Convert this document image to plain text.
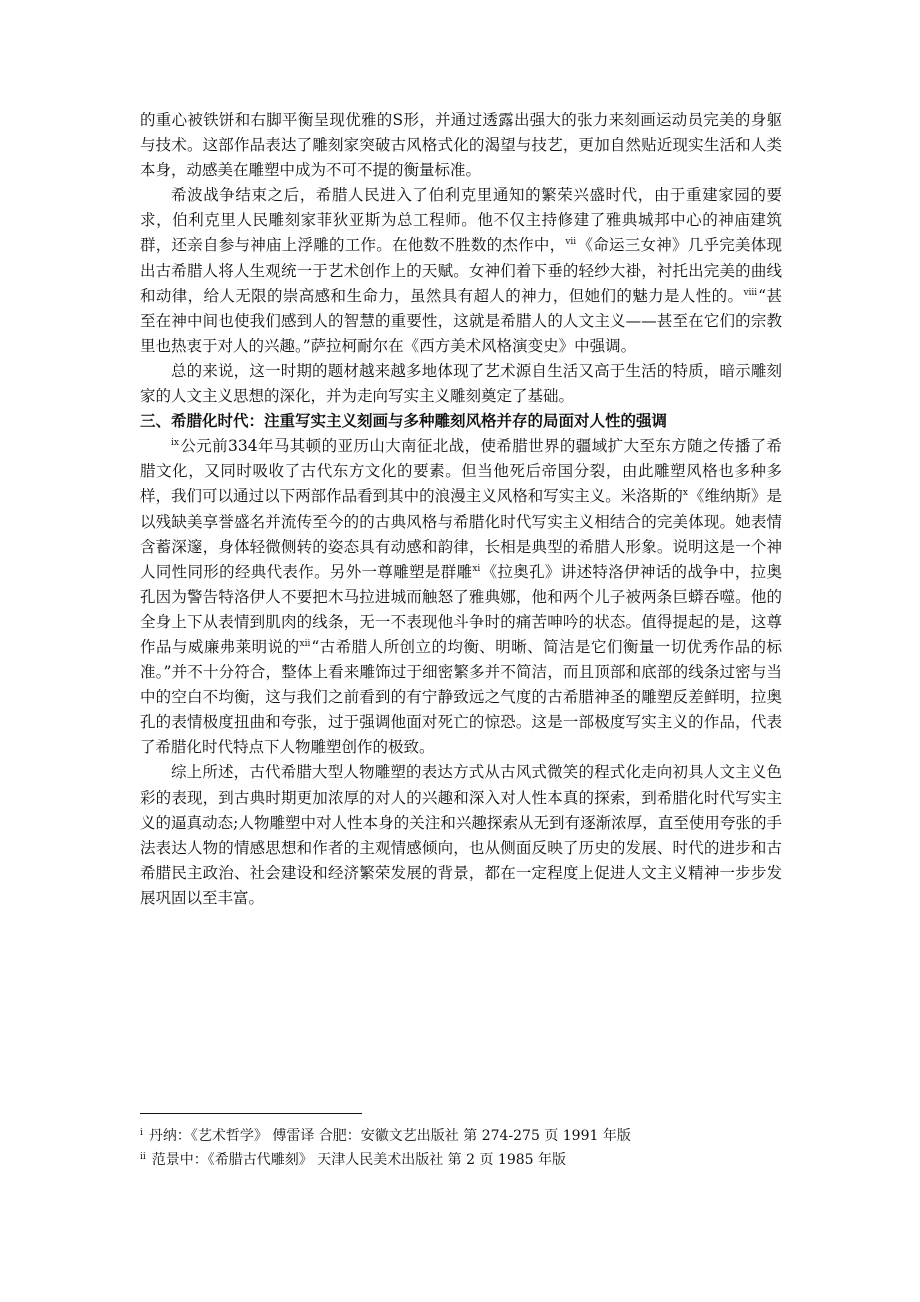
的重心被铁饼和右脚平衡呈现优雅的S形，并通过透露出强大的张力来刻画运动员完美的身躯与技术。这部作品表达了雕刻家突破古风格式化的渴望与技艺，更加自然贴近现实生活和人类本身，动感美在雕塑中成为不可不提的衡量标准。

希波战争结束之后，希腊人民进入了伯利克里通知的繁荣兴盛时代，由于重建家园的要求，伯利克里人民雕刻家菲狄亚斯为总工程师。他不仅主持修建了雅典城邦中心的神庙建筑群，还亲自参与神庙上浮雕的工作。在他数不胜数的杰作中，$^{vii}$《命运三女神》几乎完美体现出古希腊人将人生观统一于艺术创作上的天赋。女神们着下垂的轻纱大褂，衬托出完美的曲线和动律，给人无限的崇高感和生命力，虽然具有超人的神力，但她们的魅力是人性的。$^{viii}$“甚至在神中间也使我们感到人的智慧的重要性，这就是希腊人的人文主义——甚至在它们的宗教里也热衷于对人的兴趣。”萨拉柯耐尔在《西方美术风格演变史》中强调。

总的来说，这一时期的题材越来越多地体现了艺术源自生活又高于生活的特质，暗示雕刻家的人文主义思想的深化，并为走向写实主义雕刻奠定了基础。

三、希腊化时代：注重写实主义刻画与多种雕刻风格并存的局面对人性的强调

$^{ix}$公元前334年马其顿的亚历山大南征北战，使希腊世界的疆域扩大至东方随之传播了希腊文化，又同时吸收了古代东方文化的要素。但当他死后帝国分裂，由此雕塑风格也多种多样，我们可以通过以下两部作品看到其中的浪漫主义风格和写实主义。米洛斯的$^x$《维纳斯》是以残缺美享誉盛名并流传至今的的古典风格与希腊化时代写实主义相结合的完美体现。她表情含蓄深邃，身体轻微侧转的姿态具有动感和韵律，长相是典型的希腊人形象。说明这是一个神人同性同形的经典代表作。另外一尊雕塑是群雕$^{xi}$《拉奥孔》讲述特洛伊神话的战争中，拉奥孔因为警告特洛伊人不要把木马拉进城而触怒了雅典娜，他和两个儿子被两条巨蟒吞噬。他的全身上下从表情到肌肉的线条，无一不表现他斗争时的痛苦呻吟的状态。值得提起的是，这尊作品与威廉弗莱明说的$^{xii}$“古希腊人所创立的均衡、明晰、简洁是它们衡量一切优秀作品的标准。”并不十分符合，整体上看来雕饰过于细密繁多并不简洁，而且顶部和底部的线条过密与当中的空白不均衡，这与我们之前看到的有宁静致远之气度的古希腊神圣的雕塑反差鲜明，拉奥孔的表情极度扭曲和夸张，过于强调他面对死亡的惊恐。这是一部极度写实主义的作品，代表了希腊化时代特点下人物雕塑创作的极致。

综上所述，古代希腊大型人物雕塑的表达方式从古风式微笑的程式化走向初具人文主义色彩的表现，到古典时期更加浓厚的对人的兴趣和深入对人性本真的探索，到希腊化时代写实主义的逼真动态;人物雕塑中对人性本身的关注和兴趣探索从无到有逐渐浓厚，直至使用夸张的手法表达人物的情感思想和作者的主观情感倾向，也从侧面反映了历史的发展、时代的进步和古希腊民主政治、社会建设和经济繁荣发展的背景，都在一定程度上促进人文主义精神一步步发展巩固以至丰富。

$^i$ 丹纳：《艺术哲学》 傅雷译 合肥：安徽文艺出版社 第 274-275 页 1991 年版
$^{ii}$ 范景中：《希腊古代雕刻》 天津人民美术出版社 第 2 页 1985 年版
